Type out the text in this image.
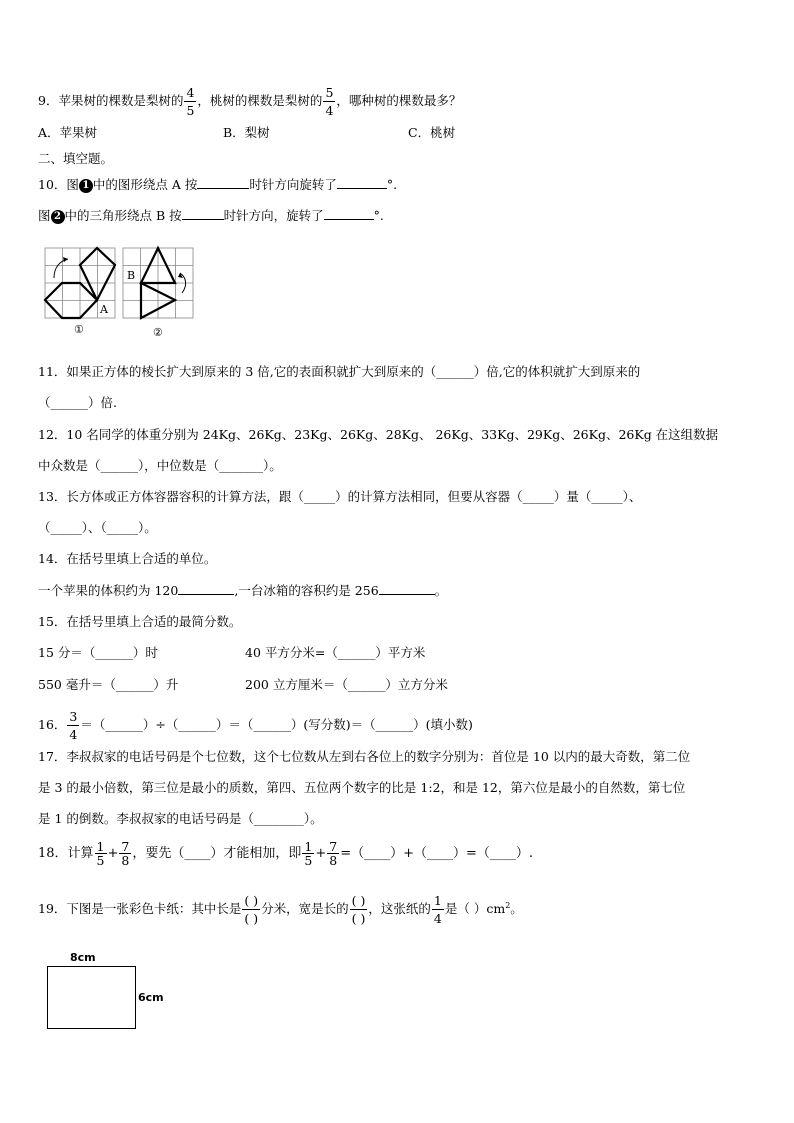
9．苹果树的棵数是梨树的 $\frac{4}{5}$ ，桃树的棵数是梨树的 $\frac{5}{4}$ ，哪种树的棵数最多？
A．苹果树	B．梨树	C．桃树
二、填空题。
10．图 1 中的图形绕点 A 按	时针方向旋转了	°.
图 2 中的三角形绕点 B 按	时针方向，旋转了	°.
A
①
B
②
11．如果正方体的棱长扩大到原来的 3 倍,它的表面积就扩大到原来的（______）倍,它的体积就扩大到原来的
（______）倍.
12．10 名同学的体重分别为 24Kg、26Kg、23Kg、26Kg、28Kg、 26Kg、33Kg、29Kg、26Kg、26Kg 在这组数据
中众数是（______），中位数是（_______）。
13．长方体或正方体容器容积的计算方法，跟（_____）的计算方法相同，但要从容器（_____）量（_____）、
（_____）、（_____）。
14．在括号里填上合适的单位。
一个苹果的体积约为 120	,一台冰箱的容积约是 256	。
15．在括号里填上合适的最简分数。
15 分＝（______）时	40 平方分米=（______）平方米
550 毫升＝（______）升	200 立方厘米＝（______）立方分米
16． $\frac{3}{4}$ ＝（______）÷（______）＝（______）(写分数)＝（______）(填小数)
17．李叔叔家的电话号码是个七位数，这个七位数从左到右各位上的数字分别为：首位是 10 以内的最大奇数，第二位
是 3 的最小倍数，第三位是最小的质数，第四、五位两个数字的比是 1:2，和是 12，第六位是最小的自然数，第七位
是 1 的倒数。李叔叔家的电话号码是（________）。
18．计算 $\frac{1}{5} + \frac{7}{8}$ ，要先（____）才能相加，即 $\frac{1}{5} + \frac{7}{8}$ =（____）+（____）=（____）.
19．下图是一张彩色卡纸：其中长是 $\frac{( )}{( )}$ 分米，宽是长的 $\frac{( )}{( )}$ ，这张纸的 $\frac{1}{4}$ 是（ ）$cm^2$。
8cm
6cm
